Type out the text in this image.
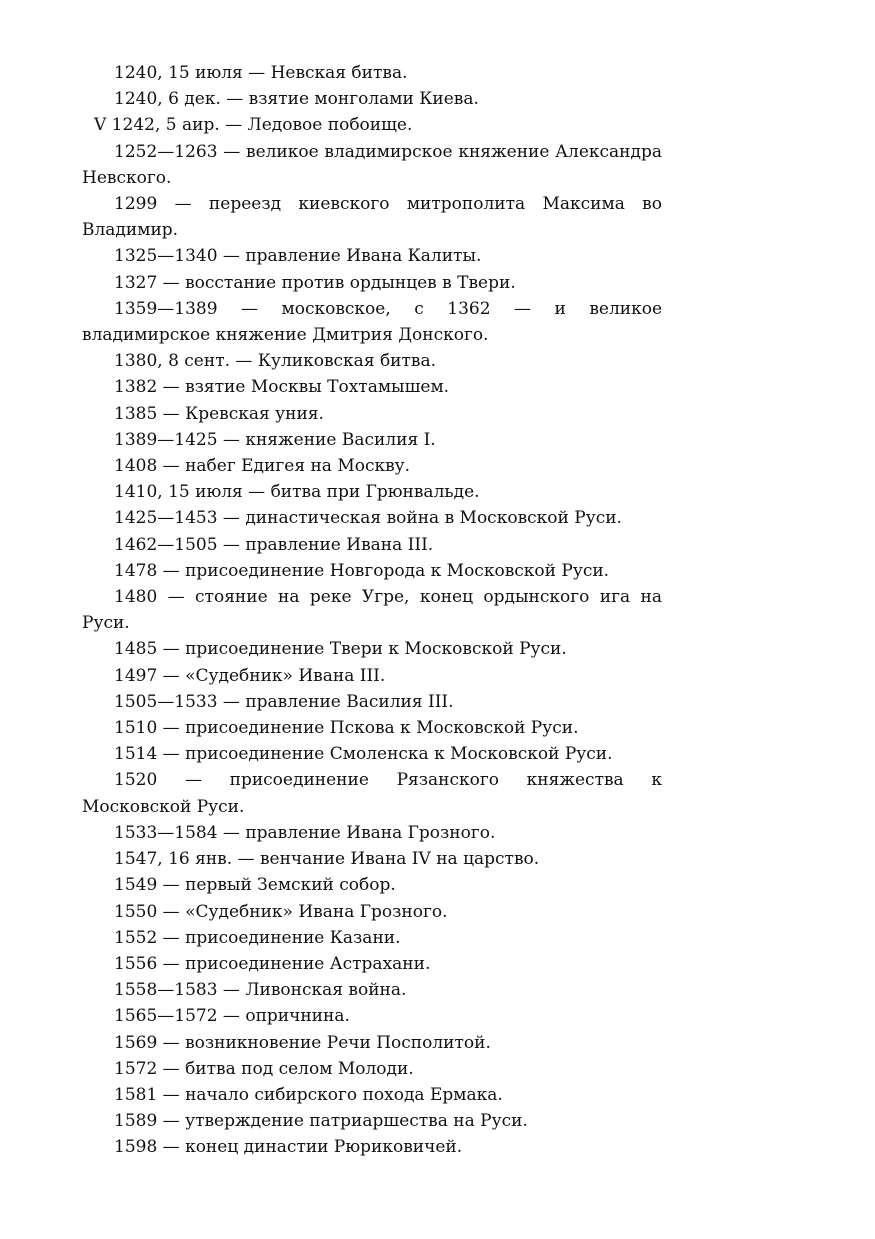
1240, 15 июля — Невская битва.

1240, 6 дек. — взятие монголами Киева.

V 1242, 5 аир. — Ледовое побоище.

1252—1263 — великое владимирское княжение Александра Невского.

1299 — переезд киевского митрополита Максима во Владимир.

1325—1340 — правление Ивана Калиты.

1327 — восстание против ордынцев в Твери.

1359—1389 — московское, с 1362 — и великое владимирское княжение Дмитрия Донского.

1380, 8 сент. — Куликовская битва.

1382 — взятие Москвы Тохтамышем.

1385 — Кревская уния.

1389—1425 — княжение Василия I.

1408 — набег Едигея на Москву.

1410, 15 июля — битва при Грюнвальде.

1425—1453 — династическая война в Московской Руси.

1462—1505 — правление Ивана III.

1478 — присоединение Новгорода к Московской Руси.

1480 — стояние на реке Угре, конец ордынского ига на Руси.

1485 — присоединение Твери к Московской Руси.

1497 — «Судебник» Ивана III.

1505—1533 — правление Василия III.

1510 — присоединение Пскова к Московской Руси.

1514 — присоединение Смоленска к Московской Руси.

1520 — присоединение Рязанского княжества к Московской Руси.

1533—1584 — правление Ивана Грозного.

1547, 16 янв. — венчание Ивана IV на царство.

1549 — первый Земский собор.

1550 — «Судебник» Ивана Грозного.

1552 — присоединение Казани.

1556 — присоединение Астрахани.

1558—1583 — Ливонская война.

1565—1572 — опричнина.

1569 — возникновение Речи Посполитой.

1572 — битва под селом Молоди.

1581 — начало сибирского похода Ермака.

1589 — утверждение патриаршества на Руси.

1598 — конец династии Рюриковичей.
